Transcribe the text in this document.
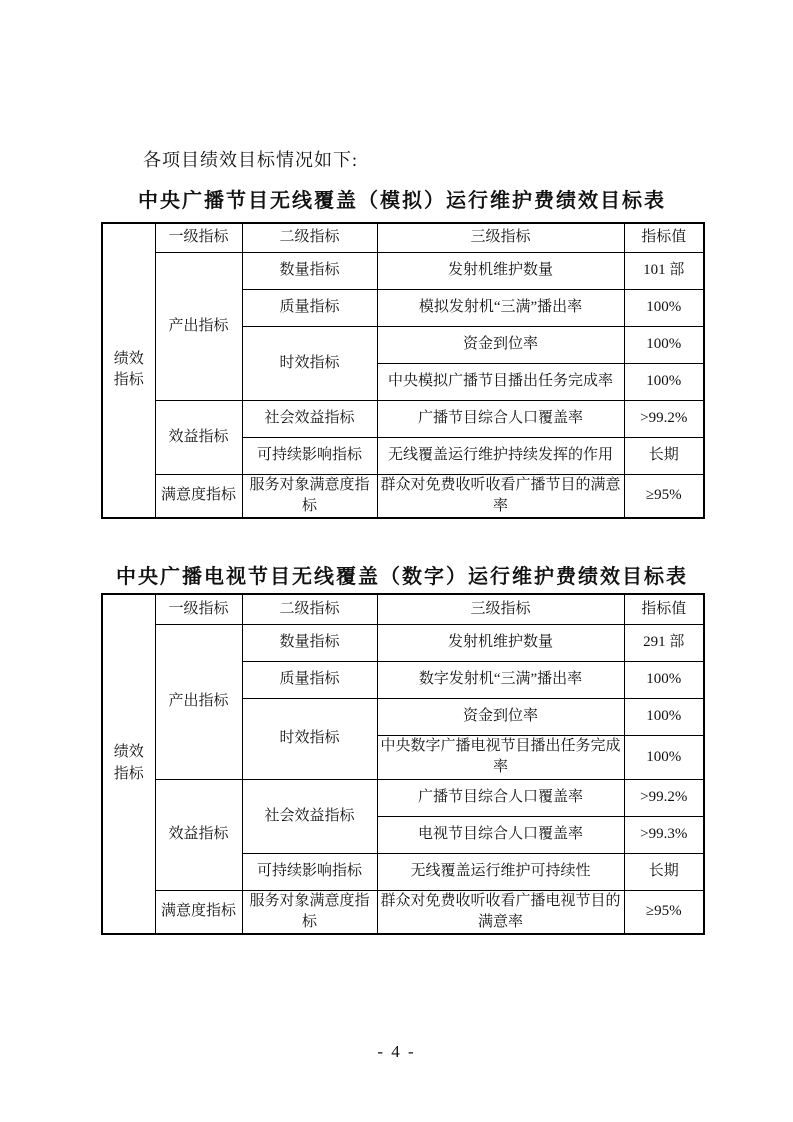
各项目绩效目标情况如下:

中央广播节目无线覆盖（模拟）运行维护费绩效目标表
绩效指标	一级指标	二级指标	三级指标	指标值
	产出指标	数量指标	发射机维护数量	101 部
		质量指标	模拟发射机“三满”播出率	100%
		时效指标	资金到位率	100%
			中央模拟广播节目播出任务完成率	100%
	效益指标	社会效益指标	广播节目综合人口覆盖率	>99.2%
		可持续影响指标	无线覆盖运行维护持续发挥的作用	长期
	满意度指标	服务对象满意度指标	群众对免费收听收看广播节目的满意率	≥95%
中央广播电视节目无线覆盖（数字）运行维护费绩效目标表
绩效指标	一级指标	二级指标	三级指标	指标值
	产出指标	数量指标	发射机维护数量	291 部
		质量指标	数字发射机“三满”播出率	100%
		时效指标	资金到位率	100%
			中央数字广播电视节目播出任务完成率	100%
	效益指标	社会效益指标	广播节目综合人口覆盖率	>99.2%
			电视节目综合人口覆盖率	>99.3%
		可持续影响指标	无线覆盖运行维护可持续性	长期
	满意度指标	服务对象满意度指标	群众对免费收听收看广播电视节目的满意率	≥95%
- 4 -
